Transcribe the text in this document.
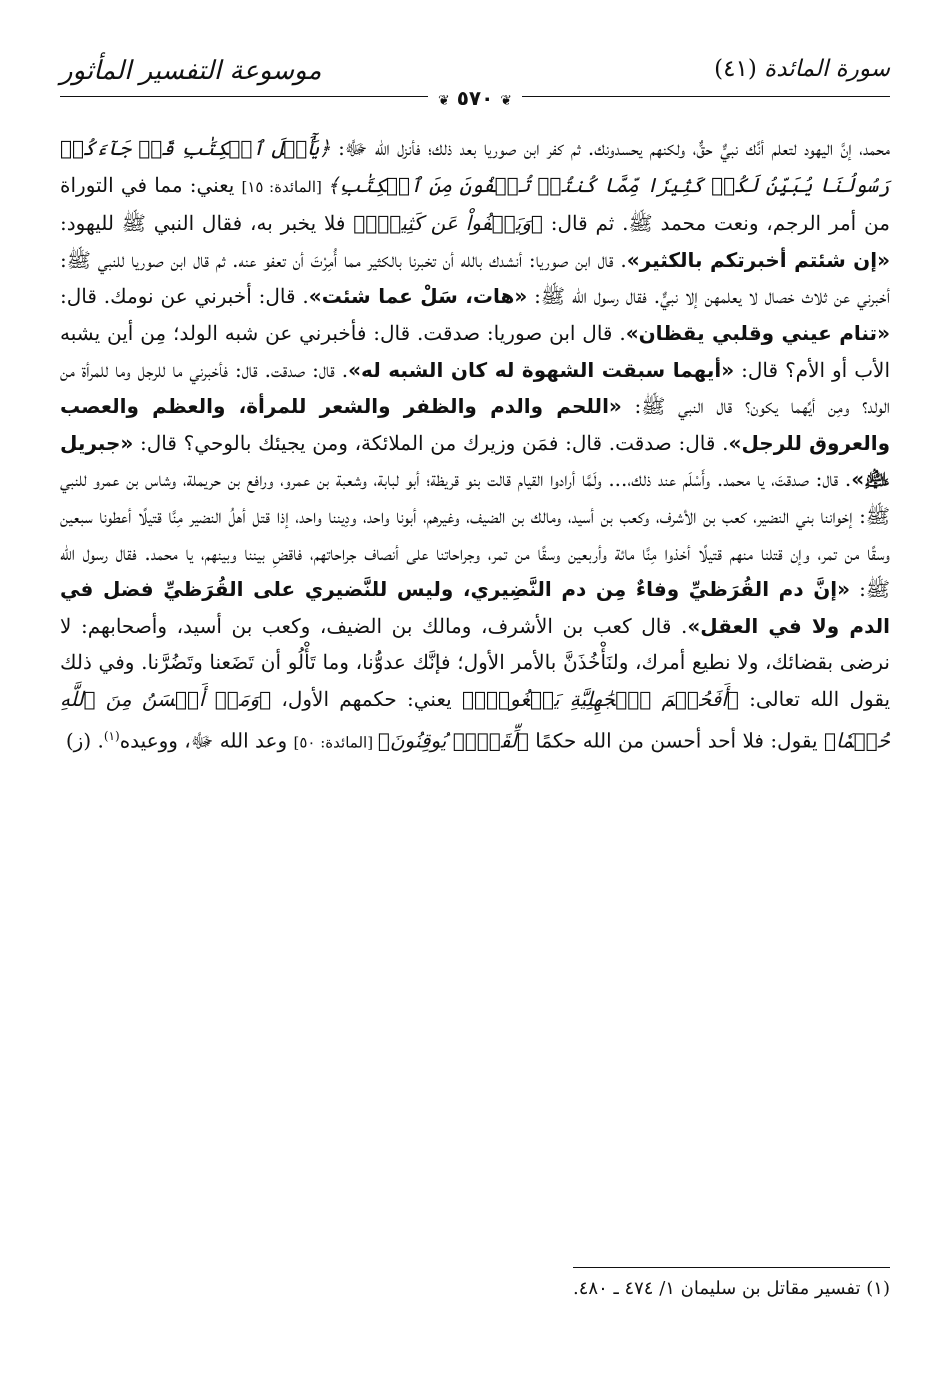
موسوعة التفسير المأثور	سورة المائدة (٤١)
❦ ٥٧٠ ❦

محمد، إنَّ اليهود لتعلم أنَّك نبيٌّ حقٌّ، ولكنهم يحسدونك. ثم كفر ابن صوريا بعد ذلك؛ فأنزل الله ﷻ: ﴿يَٰٓأَهۡلَ ٱلۡكِتَٰبِ قَدۡ جَآءَكُمۡ رَسُولُنَا يُبَيِّنُ لَكُمۡ كَثِيرٗا مِّمَّا كُنتُمۡ تُخۡفُونَ مِنَ ٱلۡكِتَٰبِ﴾ [المائدة: ١٥] يعني: مما في التوراة من أمر الرجم، ونعت محمد ﷺ. ثم قال: ﴿وَيَعۡفُواْ عَن كَثِيرٖۚ﴾ فلا يخبر به، فقال النبي ﷺ لليهود: «إن شئتم أخبرتكم بالكثير». قال ابن صوريا: أنشدك بالله أن تخبرنا بالكثير مما أُمِرْتَ أن تعفو عنه. ثم قال ابن صوريا للنبي ﷺ: أخبرني عن ثلاث خصال لا يعلمهن إلا نبيٌّ. فقال رسول الله ﷺ: «هات، سَلْ عما شئت». قال: أخبرني عن نومك. قال: «تنام عيني وقلبي يقظان». قال ابن صوريا: صدقت. قال: فأخبرني عن شبه الولد؛ مِن أين يشبه الأب أو الأم؟ قال: «أيهما سبقت الشهوة له كان الشبه له». قال: صدقت. قال: فأخبرني ما للرجل وما للمرأة من الولد؟ ومِن أيِّهما يكون؟ قال النبي ﷺ: «اللحم والدم والظفر والشعر للمرأة، والعظم والعصب والعروق للرجل». قال: صدقت. قال: فمَن وزيرك من الملائكة، ومن يجيئك بالوحي؟ قال: «جبريل ﵇». قال: صدقتَ، يا محمد. وأَسْلَم عند ذلك،... ولَمَّا أرادوا القيام قالت بنو قريظة؛ أبو لبابة، وشعبة بن عمرو، ورافع بن حريملة، وشاس بن عمرو للنبي ﷺ: إخواننا بني النضير، كعب بن الأشرف، وكعب بن أسيد، ومالك بن الضيف، وغيرهم، أبونا واحد، ودِيننا واحد، إذا قتل أهلُ النضير مِنَّا قتيلًا أعطونا سبعين وسقًا من تمر، وإن قتلنا منهم قتيلًا أخذوا مِنَّا مائة وأربعين وسقًا من تمر، وجراحاتنا على أنصاف جراحاتهم، فاقضِ بيننا وبينهم، يا محمد. فقال رسول الله ﷺ: «إنَّ دم القُرَظيِّ وفاءٌ مِن دم النَّضِيري، وليس للنَّضيري على القُرَظيِّ فضل في الدم ولا في العقل». قال كعب بن الأشرف، ومالك بن الضيف، وكعب بن أسيد، وأصحابهم: لا نرضى بقضائك، ولا نطيع أمرك، ولنَأْخُذَنَّ بالأمر الأول؛ فإنَّك عدوُّنا، وما تَأْلُو أن تَضَعنا وتَضُرَّنا. وفي ذلك يقول الله تعالى: ﴿أَفَحُكۡمَ ٱلۡجَٰهِلِيَّةِ يَبۡغُونَۚ﴾ يعني: حكمهم الأول، ﴿وَمَنۡ أَحۡسَنُ مِنَ ٱللَّهِ حُكۡمٗا﴾ يقول: فلا أحد أحسن من الله حكمًا ﴿لِّقَوۡمٖ يُوقِنُونَ﴾ [المائدة: ٥٠] وعد الله ﷻ، ووعيده$^{(١)}$. (ز)

(١) تفسير مقاتل بن سليمان ١/ ٤٧٤ ـ ٤٨٠.
